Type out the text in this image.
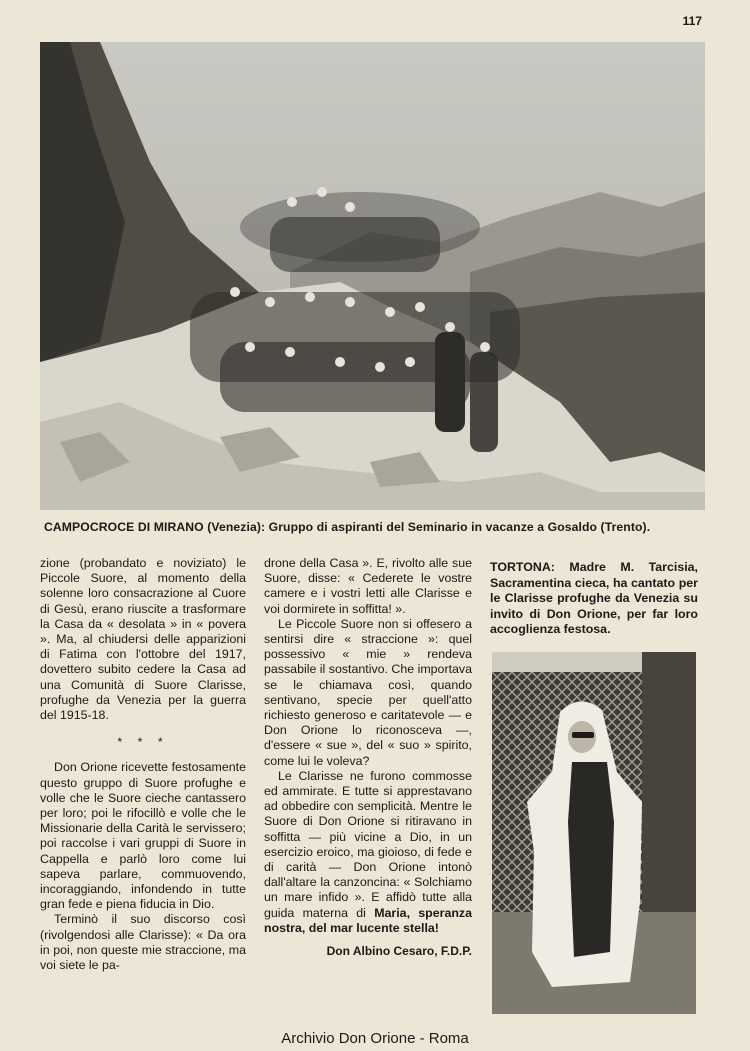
117
CAMPOCROCE DI MIRANO (Venezia): Gruppo di aspiranti del Seminario in vacanze a Gosaldo (Trento).

zione (probandato e noviziato) le Piccole Suore, al momento della solenne loro consacrazione al Cuore di Gesù, erano riuscite a trasformare la Casa da « desolata » in « povera ». Ma, al chiudersi delle apparizioni di Fatima con l'ottobre del 1917, dovettero subito cedere la Casa ad una Comunità di Suore Clarisse, profughe da Venezia per la guerra del 1915-18.

* * *

Don Orione ricevette festosamente questo gruppo di Suore profughe e volle che le Suore cieche cantassero per loro; poi le rifocillò e volle che le Missionarie della Carità le servissero; poi raccolse i vari gruppi di Suore in Cappella e parlò loro come lui sapeva parlare, commuovendo, incoraggiando, infondendo in tutte gran fede e piena fiducia in Dio.

Terminò il suo discorso così (rivolgendosi alle Clarisse): « Da ora in poi, non queste mie straccione, ma voi siete le pa-

drone della Casa ». E, rivolto alle sue Suore, disse: « Cederete le vostre camere e i vostri letti alle Clarisse e voi dormirete in soffitta! ».

Le Piccole Suore non si offesero a sentirsi dire « straccione »: quel possessivo « mie » rendeva passabile il sostantivo. Che importava se le chiamava così, quando sentivano, specie per quell'atto richiesto generoso e caritatevole — e Don Orione lo riconosceva —, d'essere « sue », del « suo » spirito, come lui le voleva?

Le Clarisse ne furono commosse ed ammirate. E tutte si apprestavano ad obbedire con semplicità. Mentre le Suore di Don Orione si ritiravano in soffitta — più vicine a Dio, in un esercizio eroico, ma gioioso, di fede e di carità — Don Orione intonò dall'altare la canzoncina: « Solchiamo un mare infido ». E affidò tutte alla guida materna di Maria, speranza nostra, del mar lucente stella!

Don Albino Cesaro, F.D.P.

TORTONA: Madre M. Tarcisia, Sacramentina cieca, ha cantato per le Clarisse profughe da Venezia su invito di Don Orione, per far loro accoglienza festosa.

Archivio Don Orione - Roma
